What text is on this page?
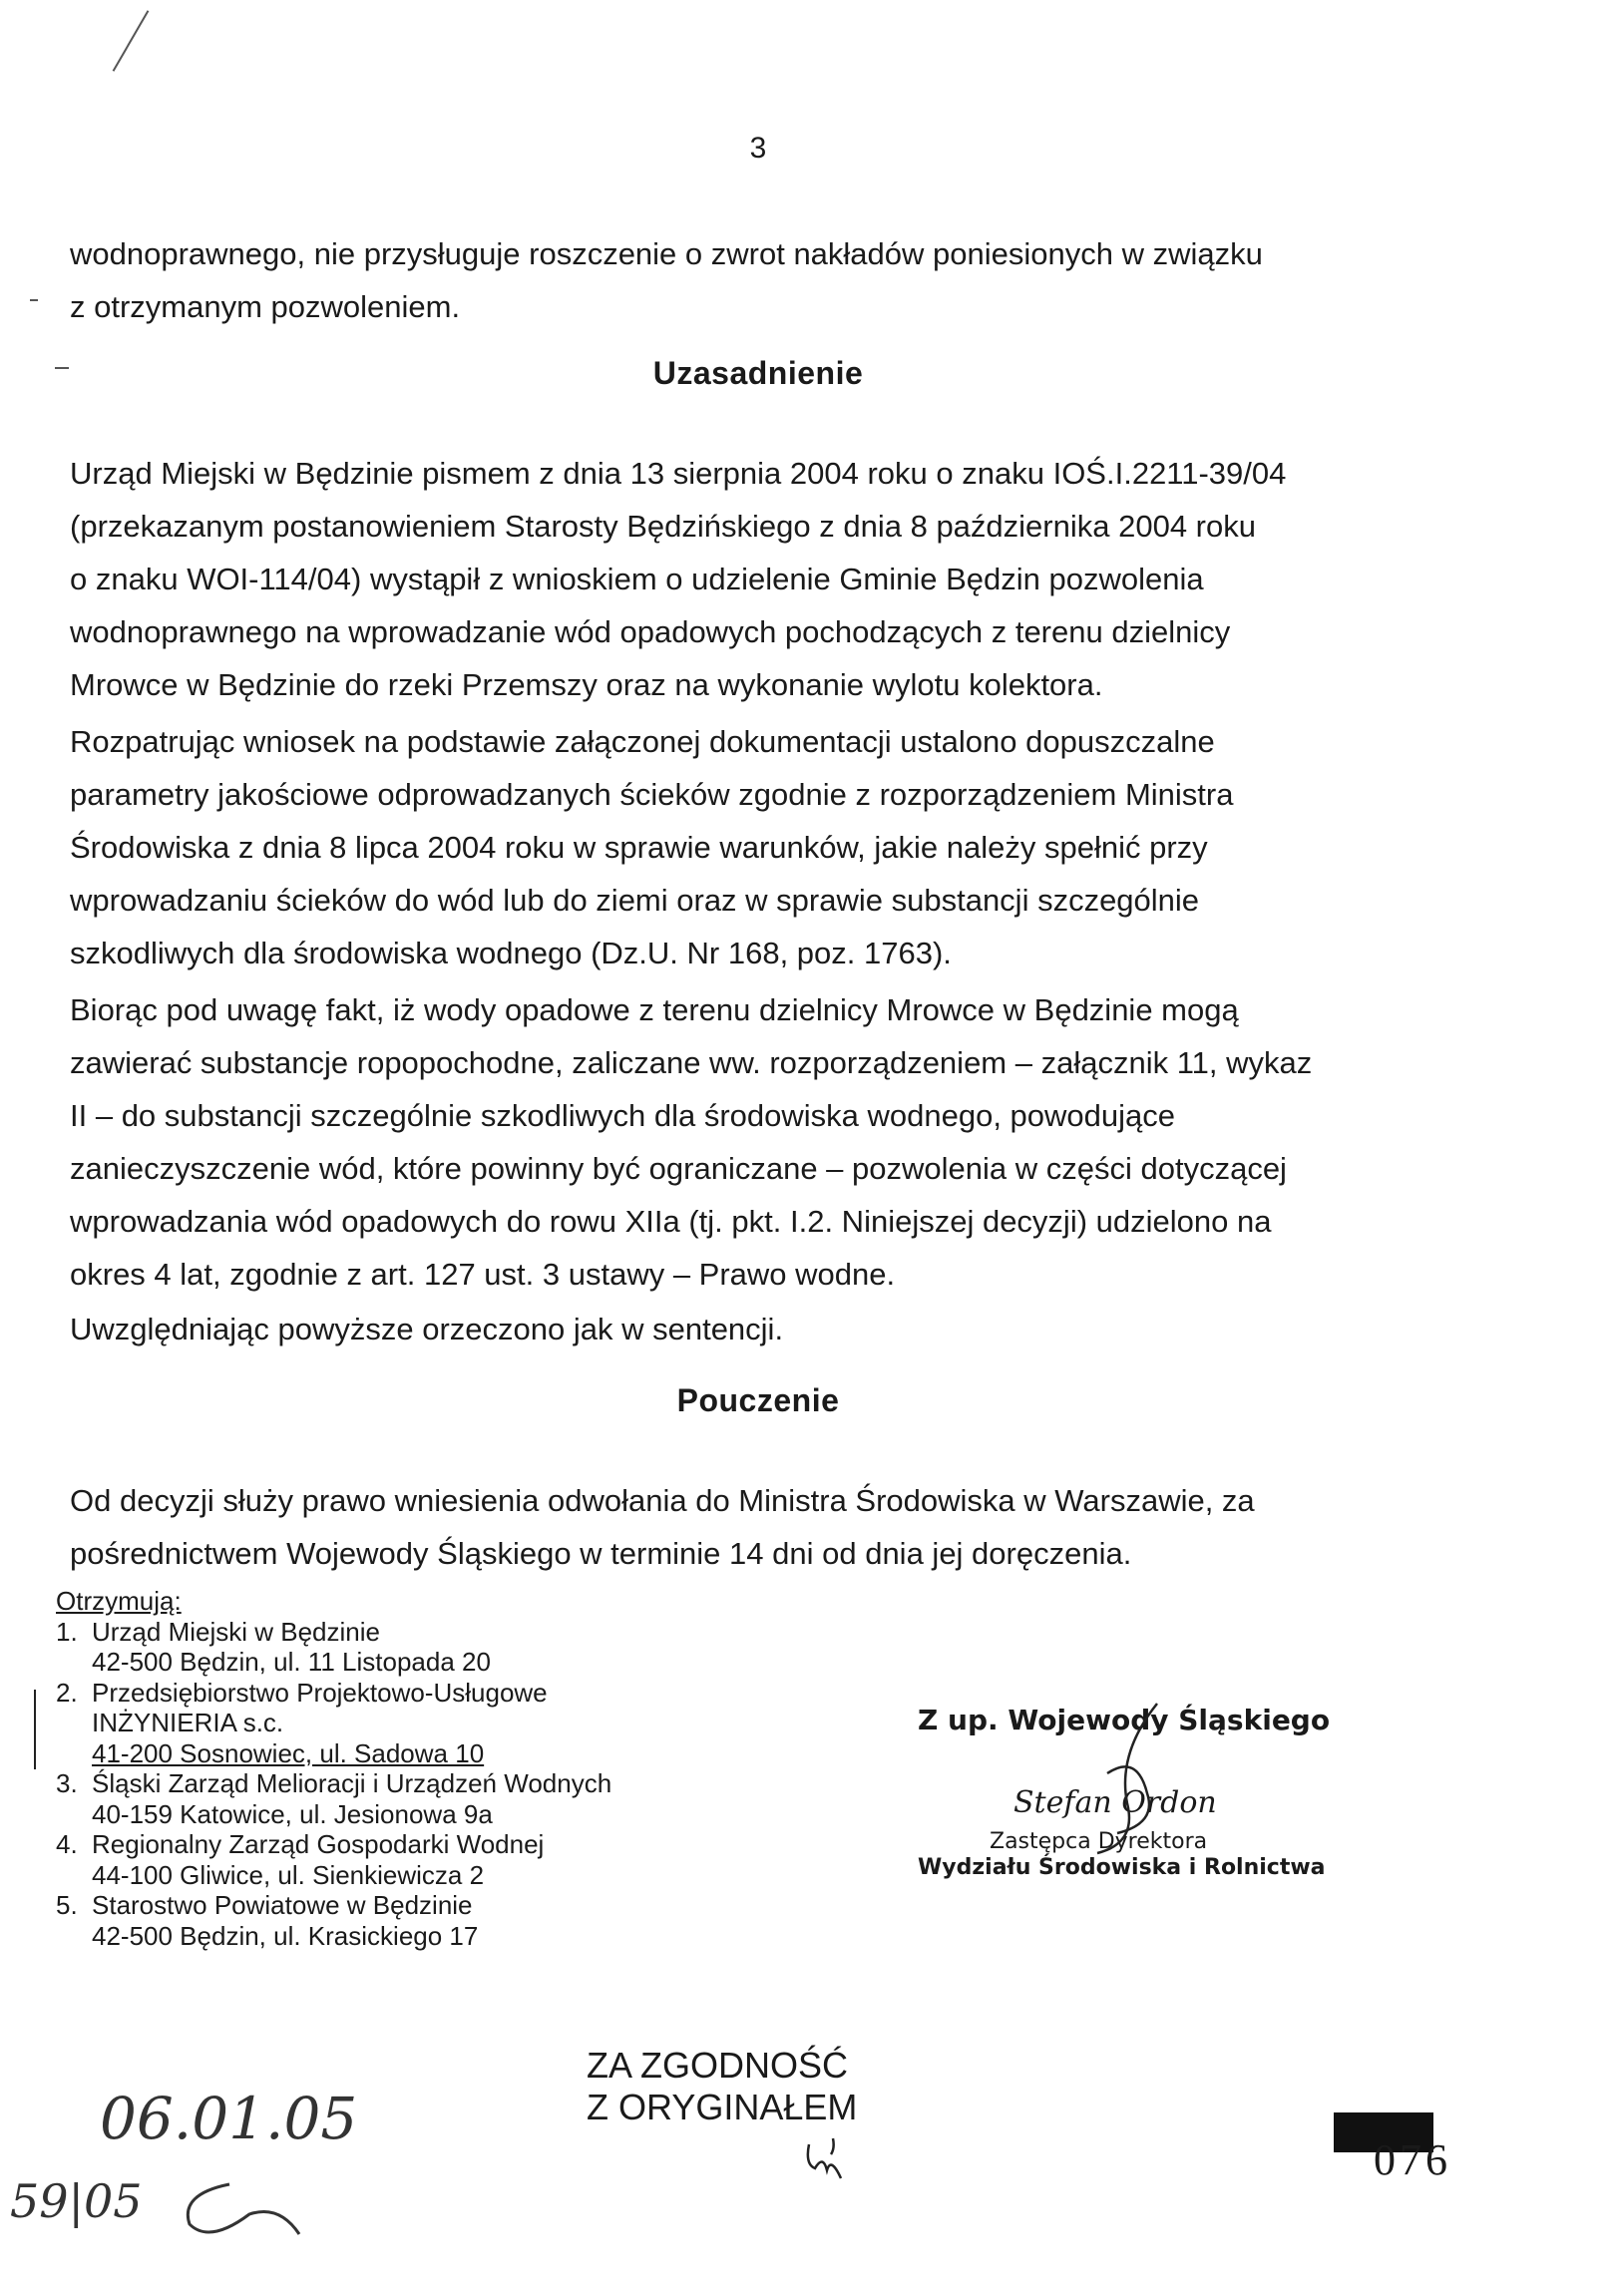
3
wodnoprawnego, nie przysługuje roszczenie o zwrot nakładów poniesionych w związku
z otrzymanym pozwoleniem.
Uzasadnienie
Urząd Miejski w Będzinie pismem z dnia 13 sierpnia 2004 roku o znaku IOŚ.I.2211-39/04
(przekazanym postanowieniem Starosty Będzińskiego z dnia 8 października 2004 roku
o znaku WOI-114/04) wystąpił z wnioskiem o udzielenie Gminie Będzin pozwolenia
wodnoprawnego na wprowadzanie wód opadowych pochodzących z terenu dzielnicy
Mrowce w Będzinie do rzeki Przemszy oraz na wykonanie wylotu kolektora.
Rozpatrując wniosek na podstawie załączonej dokumentacji ustalono dopuszczalne
parametry jakościowe odprowadzanych ścieków zgodnie z rozporządzeniem Ministra
Środowiska z dnia 8 lipca 2004 roku w sprawie warunków, jakie należy spełnić przy
wprowadzaniu ścieków do wód lub do ziemi oraz w sprawie substancji szczególnie
szkodliwych dla środowiska wodnego (Dz.U. Nr 168, poz. 1763).
Biorąc pod uwagę fakt, iż wody opadowe z terenu dzielnicy Mrowce w Będzinie mogą
zawierać substancje ropopochodne, zaliczane ww. rozporządzeniem – załącznik 11, wykaz
II – do substancji szczególnie szkodliwych dla środowiska wodnego, powodujące
zanieczyszczenie wód, które powinny być ograniczane – pozwolenia w części dotyczącej
wprowadzania wód opadowych do rowu XIIa (tj. pkt. I.2. Niniejszej decyzji) udzielono na
okres 4 lat, zgodnie z art. 127 ust. 3 ustawy – Prawo wodne.
Uwzględniając powyższe orzeczono jak w sentencji.
Pouczenie
Od decyzji służy prawo wniesienia odwołania do Ministra Środowiska w Warszawie, za
pośrednictwem Wojewody Śląskiego w terminie 14 dni od dnia jej doręczenia.
Otrzymują:
1. Urząd Miejski w Będzinie
42-500 Będzin, ul. 11 Listopada 20
2. Przedsiębiorstwo Projektowo-Usługowe
INŻYNIERIA s.c.
41-200 Sosnowiec, ul. Sadowa 10
3. Śląski Zarząd Melioracji i Urządzeń Wodnych
40-159 Katowice, ul. Jesionowa 9a
4. Regionalny Zarząd Gospodarki Wodnej
44-100 Gliwice, ul. Sienkiewicza 2
5. Starostwo Powiatowe w Będzinie
42-500 Będzin, ul. Krasickiego 17
Z up. Wojewody Śląskiego
Stefan Ordon
Zastępca Dyrektora
Wydziału Środowiska i Rolnictwa
ZA ZGODNOŚĆ
Z ORYGINAŁEM
06.01.05
59|05
076
